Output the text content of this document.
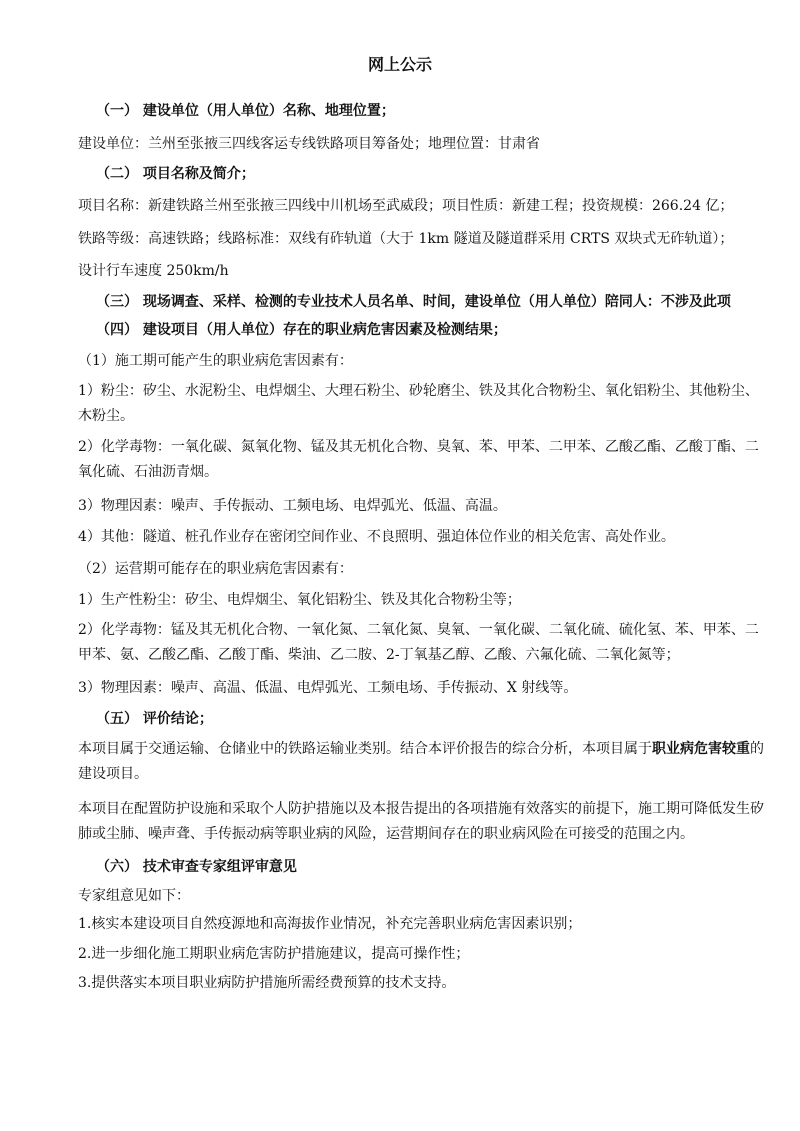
网上公示
（一） 建设单位（用人单位）名称、地理位置；
建设单位：兰州至张掖三四线客运专线铁路项目筹备处；地理位置：甘肃省
（二） 项目名称及简介；
项目名称：新建铁路兰州至张掖三四线中川机场至武威段；项目性质：新建工程；投资规模：266.24 亿；
铁路等级：高速铁路；线路标准：双线有砟轨道（大于 1km 隧道及隧道群采用 CRTS 双块式无砟轨道）；
设计行车速度 250km/h
（三） 现场调查、采样、检测的专业技术人员名单、时间，建设单位（用人单位）陪同人：不涉及此项
（四） 建设项目（用人单位）存在的职业病危害因素及检测结果；
（1）施工期可能产生的职业病危害因素有：
1）粉尘：矽尘、水泥粉尘、电焊烟尘、大理石粉尘、砂轮磨尘、铁及其化合物粉尘、氧化铝粉尘、其他粉尘、木粉尘。
2）化学毒物：一氧化碳、氮氧化物、锰及其无机化合物、臭氧、苯、甲苯、二甲苯、乙酸乙酯、乙酸丁酯、二氧化硫、石油沥青烟。
3）物理因素：噪声、手传振动、工频电场、电焊弧光、低温、高温。
4）其他：隧道、桩孔作业存在密闭空间作业、不良照明、强迫体位作业的相关危害、高处作业。
（2）运营期可能存在的职业病危害因素有：
1）生产性粉尘：矽尘、电焊烟尘、氧化铝粉尘、铁及其化合物粉尘等；
2）化学毒物：锰及其无机化合物、一氧化氮、二氧化氮、臭氧、一氧化碳、二氧化硫、硫化氢、苯、甲苯、二甲苯、氨、乙酸乙酯、乙酸丁酯、柴油、乙二胺、2-丁氧基乙醇、乙酸、六氟化硫、二氧化氮等；
3）物理因素：噪声、高温、低温、电焊弧光、工频电场、手传振动、X 射线等。
（五） 评价结论；
本项目属于交通运输、仓储业中的铁路运输业类别。结合本评价报告的综合分析，本项目属于职业病危害较重的建设项目。
本项目在配置防护设施和采取个人防护措施以及本报告提出的各项措施有效落实的前提下，施工期可降低发生矽肺或尘肺、噪声聋、手传振动病等职业病的风险，运营期间存在的职业病风险在可接受的范围之内。
（六） 技术审查专家组评审意见
专家组意见如下：
1.核实本建设项目自然疫源地和高海拔作业情况，补充完善职业病危害因素识别；
2.进一步细化施工期职业病危害防护措施建议，提高可操作性；
3.提供落实本项目职业病防护措施所需经费预算的技术支持。
